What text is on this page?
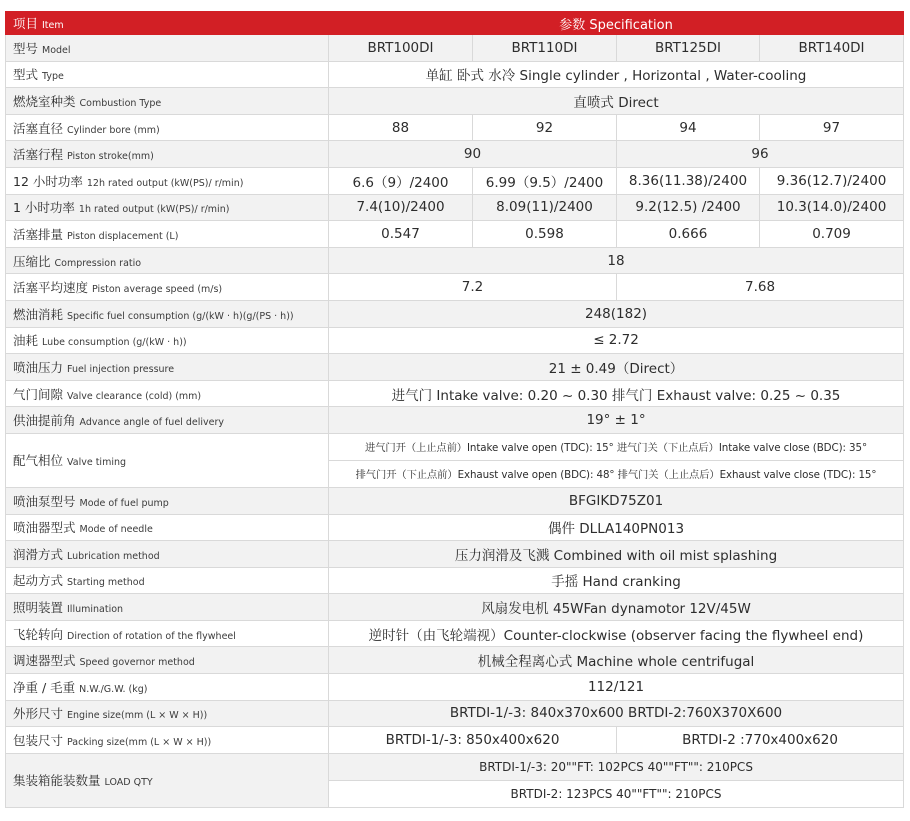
项目 Item	参数 Specification			
型号 Model	BRT100DI	BRT110DI	BRT125DI	BRT140DI
型式 Type	单缸 卧式 水冷 Single cylinder , Horizontal , Water-cooling			
燃烧室种类 Combustion Type	直喷式 Direct			
活塞直径 Cylinder bore (mm)	88	92	94	97
活塞行程 Piston stroke(mm)	90		96	
12 小时功率 12h rated output (kW(PS)/ r/min)	6.6（9）/2400	6.99（9.5）/2400	8.36(11.38)/2400	9.36(12.7)/2400
1 小时功率 1h rated output (kW(PS)/ r/min)	7.4(10)/2400	8.09(11)/2400	9.2(12.5) /2400	10.3(14.0)/2400
活塞排量 Piston displacement (L)	0.547	0.598	0.666	0.709
压缩比 Compression ratio	18			
活塞平均速度 Piston average speed (m/s)	7.2		7.68	
燃油消耗 Specific fuel consumption (g/(kW · h)(g/(PS · h))	248(182)			
油耗 Lube consumption (g/(kW · h))	≤ 2.72			
喷油压力 Fuel injection pressure	21 ± 0.49（Direct）			
气门间隙 Valve clearance (cold) (mm)	进气门 Intake valve: 0.20 ~ 0.30 排气门 Exhaust valve: 0.25 ~ 0.35			
供油提前角 Advance angle of fuel delivery	19° ± 1°			
配气相位 Valve timing	进气门开（上止点前）Intake valve open (TDC): 15° 进气门关（下止点后）Intake valve close (BDC): 35°			
	排气门开（下止点前）Exhaust valve open (BDC): 48° 排气门关（上止点后）Exhaust valve close (TDC): 15°			
喷油泵型号 Mode of fuel pump	BFGIKD75Z01			
喷油器型式 Mode of needle	偶件 DLLA140PN013			
润滑方式 Lubrication method	压力润滑及飞溅 Combined with oil mist splashing			
起动方式 Starting method	手摇 Hand cranking			
照明装置 Illumination	风扇发电机 45WFan dynamotor 12V/45W			
飞轮转向 Direction of rotation of the flywheel	逆时针（由飞轮端视）Counter-clockwise (observer facing the flywheel end)			
调速器型式 Speed governor method	机械全程离心式 Machine whole centrifugal			
净重 / 毛重 N.W./G.W. (kg)	112/121			
外形尺寸 Engine size(mm (L × W × H))	BRTDI-1/-3: 840x370x600 BRTDI-2:760X370X600			
包装尺寸 Packing size(mm (L × W × H))	BRTDI-1/-3: 850x400x620		BRTDI-2 :770x400x620	
集装箱能装数量 LOAD QTY	BRTDI-1/-3: 20""FT: 102PCS 40""FT"": 210PCS			
	BRTDI-2: 123PCS 40""FT"": 210PCS			
